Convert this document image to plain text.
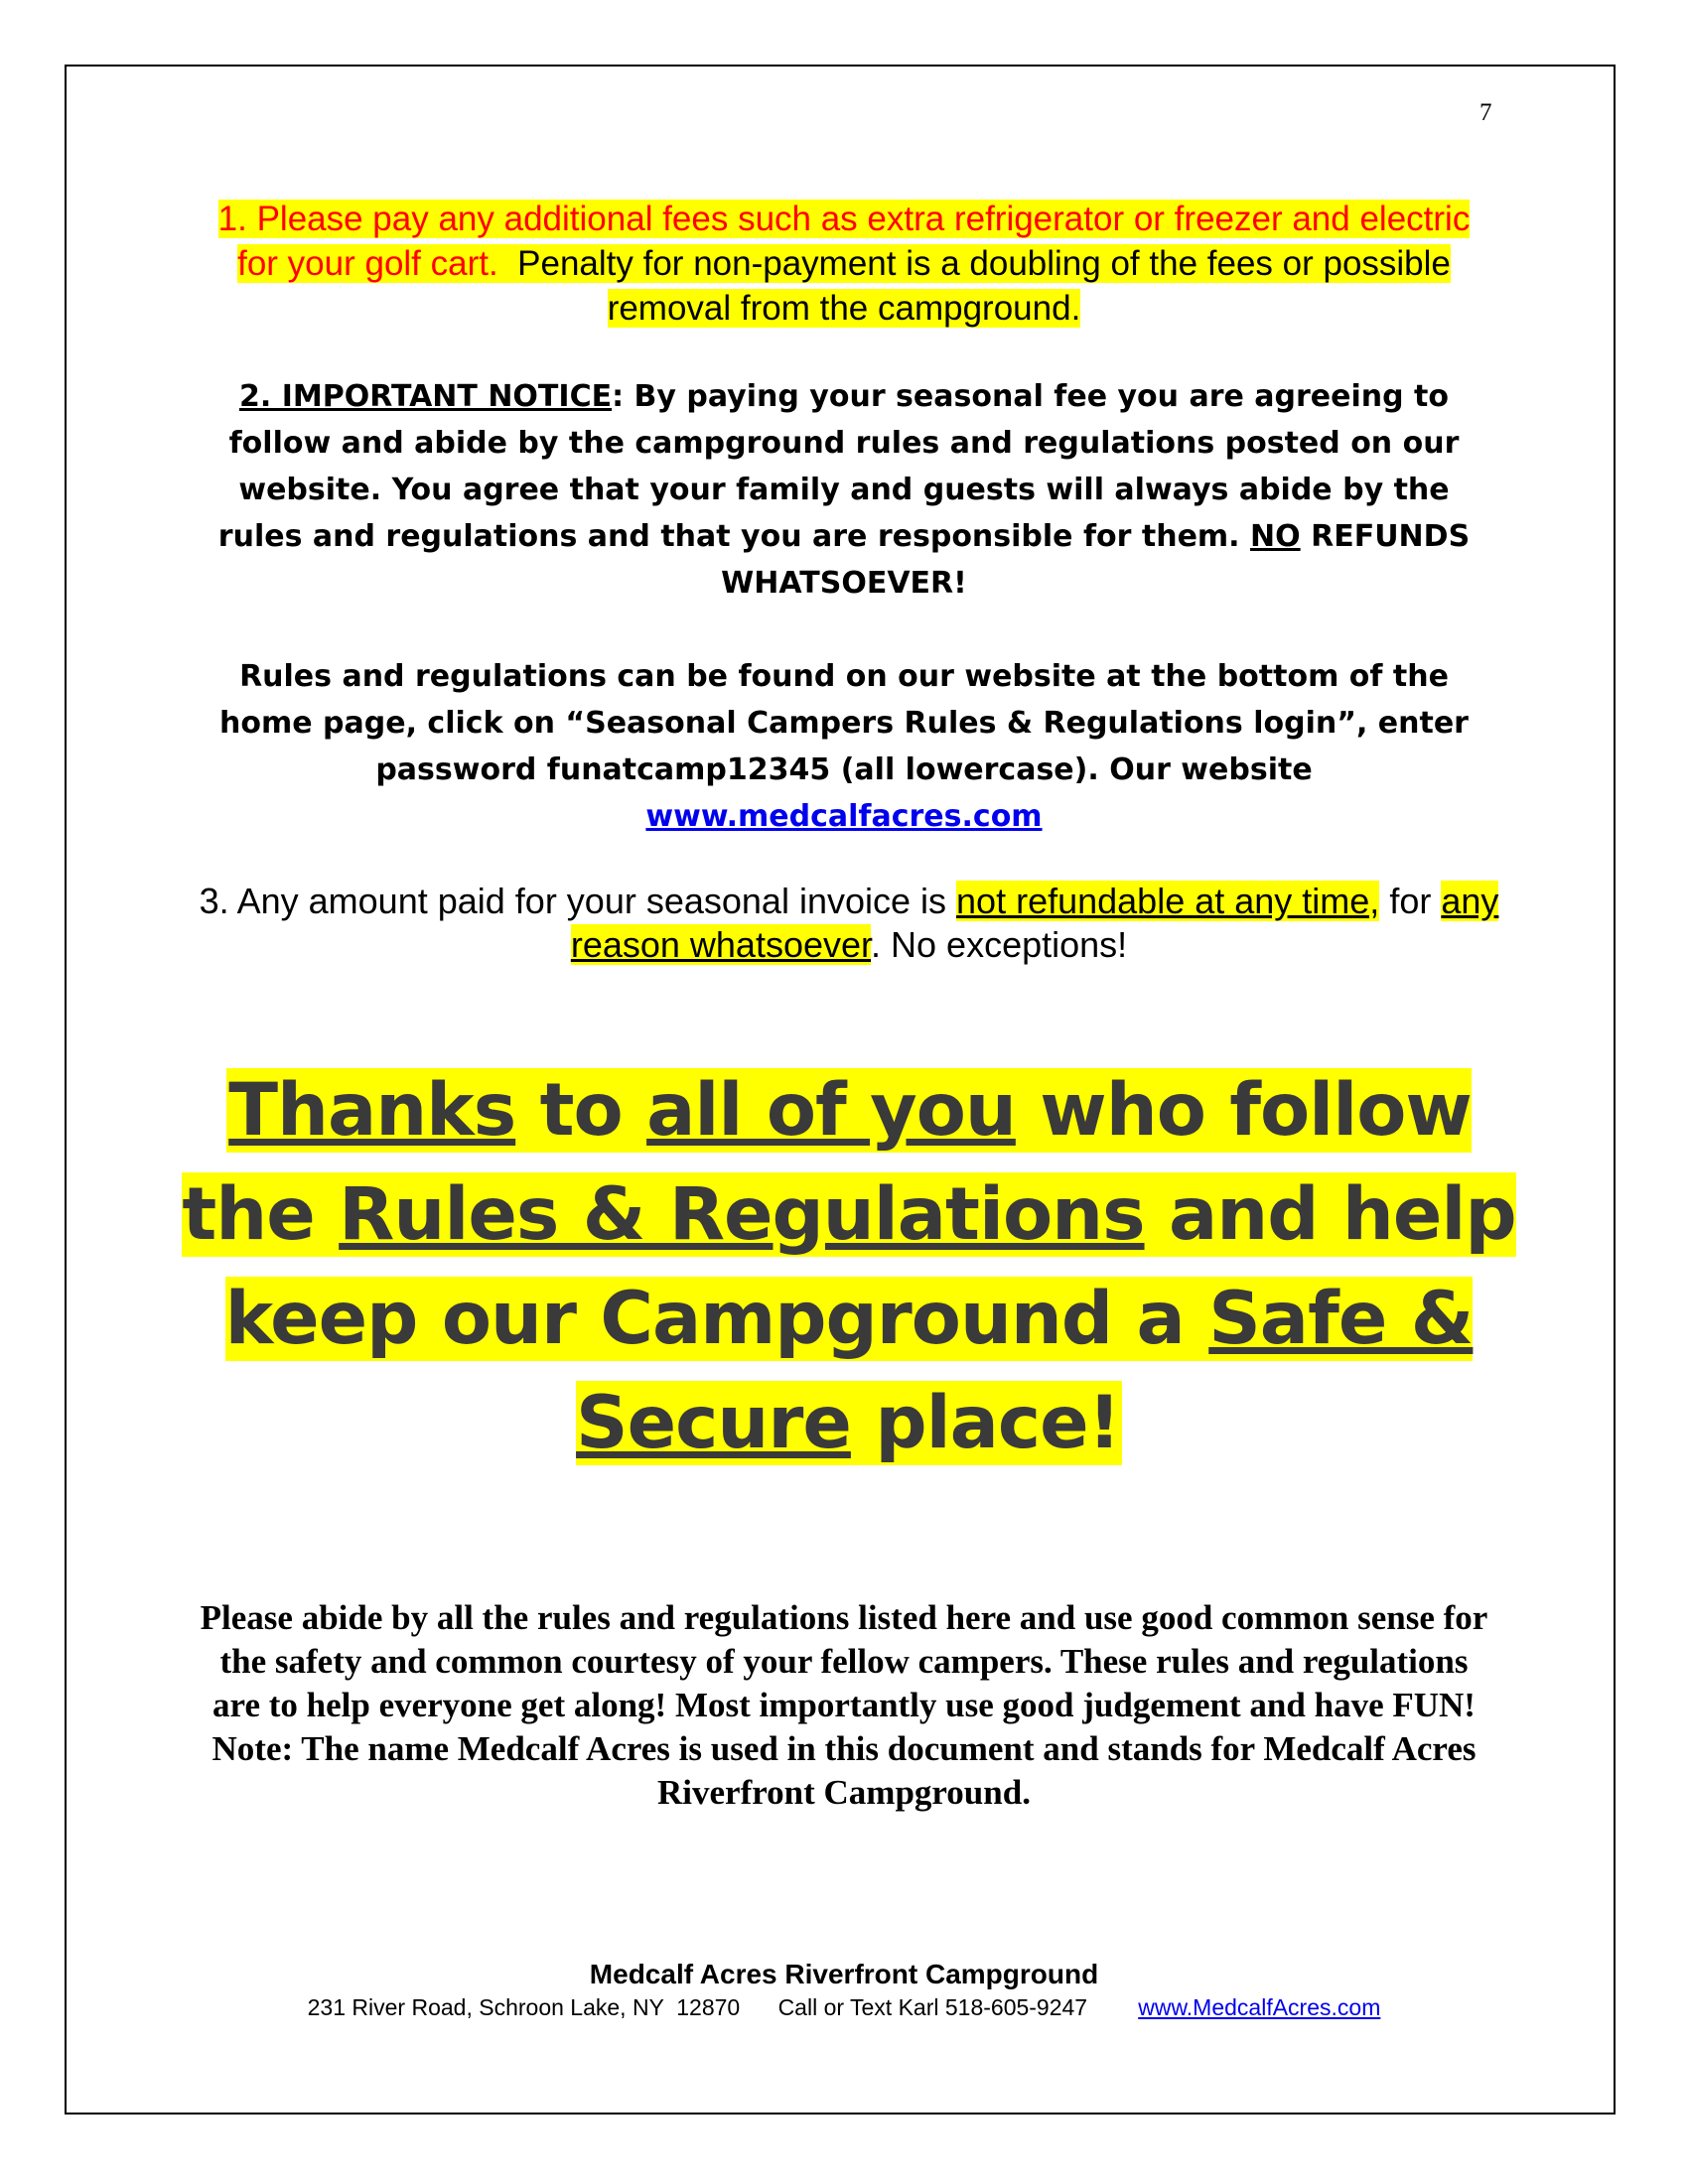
7
1. Please pay any additional fees such as extra refrigerator or freezer and electric for your golf cart. Penalty for non-payment is a doubling of the fees or possible removal from the campground.
2. IMPORTANT NOTICE: By paying your seasonal fee you are agreeing to follow and abide by the campground rules and regulations posted on our website. You agree that your family and guests will always abide by the rules and regulations and that you are responsible for them. NO REFUNDS WHATSOEVER!
Rules and regulations can be found on our website at the bottom of the home page, click on “Seasonal Campers Rules & Regulations login”, enter password funatcamp12345 (all lowercase). Our website
www.medcalfacres.com
3. Any amount paid for your seasonal invoice is not refundable at any time, for any reason whatsoever. No exceptions!
Thanks to all of you who follow the Rules & Regulations and help keep our Campground a Safe & Secure place!
Please abide by all the rules and regulations listed here and use good common sense for the safety and common courtesy of your fellow campers. These rules and regulations are to help everyone get along! Most importantly use good judgement and have FUN! Note: The name Medcalf Acres is used in this document and stands for Medcalf Acres Riverfront Campground.
Medcalf Acres Riverfront Campground
231 River Road, Schroon Lake, NY  12870 Call or Text Karl 518-605-9247 www.MedcalfAcres.com
